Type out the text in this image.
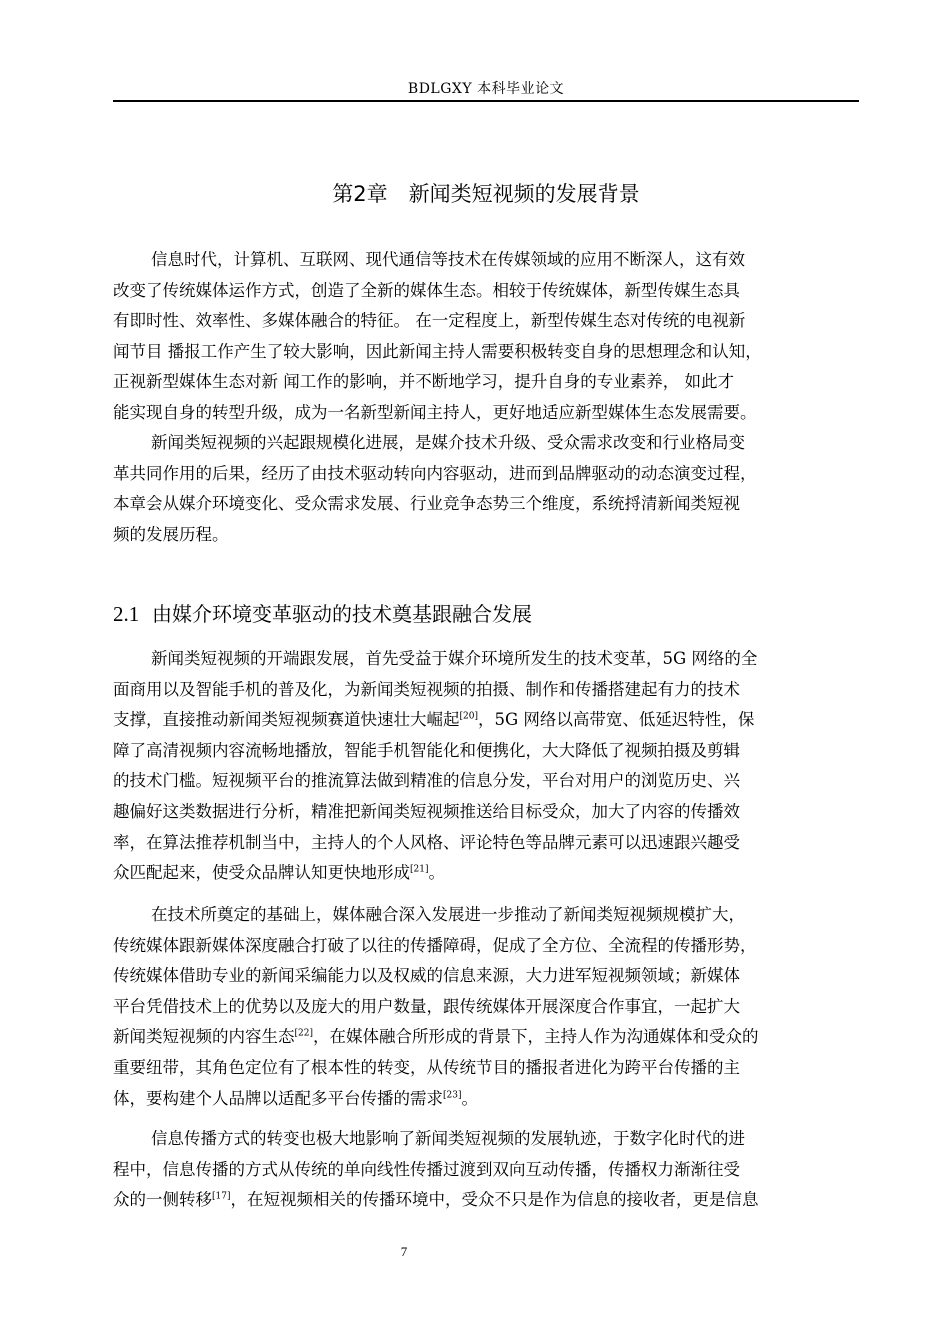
BDLGXY 本科毕业论文
第2章　新闻类短视频的发展背景
信息时代，计算机、互联网、现代通信等技术在传媒领域的应用不断深人，这有效
改变了传统媒体运作方式，创造了全新的媒体生态。相较于传统媒体，新型传媒生态具
有即时性、效率性、多媒体融合的特征。 在一定程度上，新型传媒生态对传统的电视新
闻节目 播报工作产生了较大影响，因此新闻主持人需要积极转变自身的思想理念和认知，
正视新型媒体生态对新 闻工作的影响，并不断地学习，提升自身的专业素养， 如此才
能实现自身的转型升级，成为一名新型新闻主持人，更好地适应新型媒体生态发展需要。
新闻类短视频的兴起跟规模化进展，是媒介技术升级、受众需求改变和行业格局变
革共同作用的后果，经历了由技术驱动转向内容驱动，进而到品牌驱动的动态演变过程，
本章会从媒介环境变化、受众需求发展、行业竞争态势三个维度，系统捋清新闻类短视
频的发展历程。
2.1 由媒介环境变革驱动的技术奠基跟融合发展
新闻类短视频的开端跟发展，首先受益于媒介环境所发生的技术变革，5G 网络的全
面商用以及智能手机的普及化，为新闻类短视频的拍摄、制作和传播搭建起有力的技术
支撑，直接推动新闻类短视频赛道快速壮大崛起[20]，5G 网络以高带宽、低延迟特性，保
障了高清视频内容流畅地播放，智能手机智能化和便携化，大大降低了视频拍摄及剪辑
的技术门槛。短视频平台的推流算法做到精准的信息分发，平台对用户的浏览历史、兴
趣偏好这类数据进行分析，精准把新闻类短视频推送给目标受众，加大了内容的传播效
率，在算法推荐机制当中，主持人的个人风格、评论特色等品牌元素可以迅速跟兴趣受
众匹配起来，使受众品牌认知更快地形成[21]。
在技术所奠定的基础上，媒体融合深入发展进一步推动了新闻类短视频规模扩大，
传统媒体跟新媒体深度融合打破了以往的传播障碍，促成了全方位、全流程的传播形势，
传统媒体借助专业的新闻采编能力以及权威的信息来源，大力进军短视频领域；新媒体
平台凭借技术上的优势以及庞大的用户数量，跟传统媒体开展深度合作事宜，一起扩大
新闻类短视频的内容生态[22]，在媒体融合所形成的背景下，主持人作为沟通媒体和受众的
重要纽带，其角色定位有了根本性的转变，从传统节目的播报者进化为跨平台传播的主
体，要构建个人品牌以适配多平台传播的需求[23]。
信息传播方式的转变也极大地影响了新闻类短视频的发展轨迹，于数字化时代的进
程中，信息传播的方式从传统的单向线性传播过渡到双向互动传播，传播权力渐渐往受
众的一侧转移[17]，在短视频相关的传播环境中，受众不只是作为信息的接收者，更是信息
7
